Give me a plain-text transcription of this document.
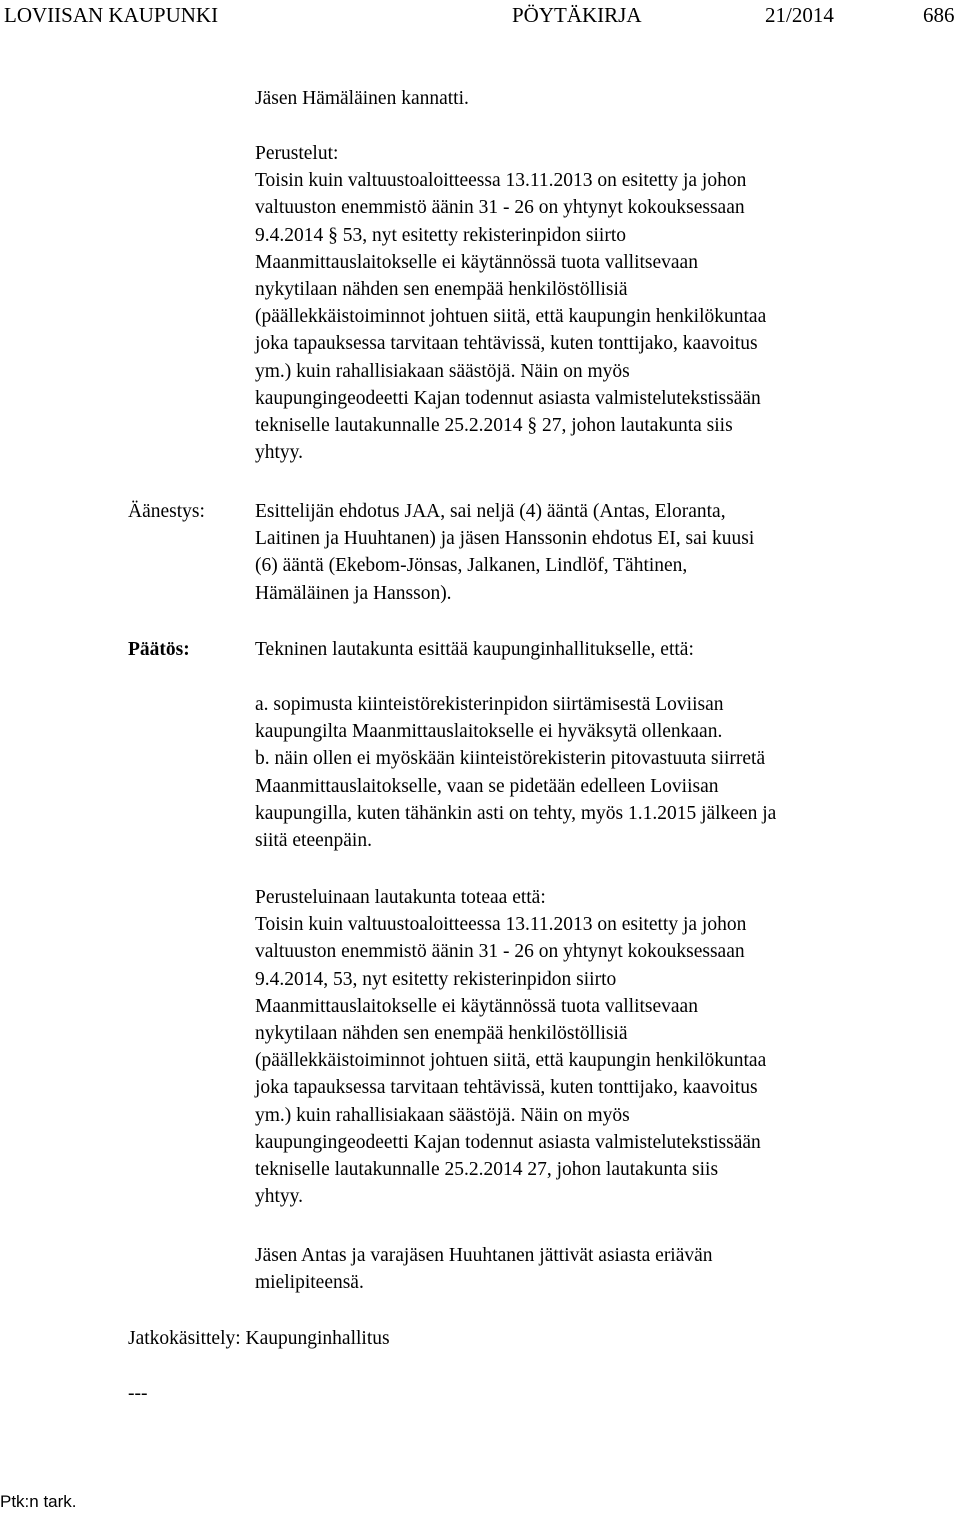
LOVIISAN KAUPUNKI	PÖYTÄKIRJA	21/2014	686
Jäsen Hämäläinen kannatti.
Perustelut:
Toisin kuin valtuustoaloitteessa 13.11.2013 on esitetty ja johon
valtuuston enemmistö äänin 31 - 26 on yhtynyt kokouksessaan
9.4.2014 § 53, nyt esitetty rekisterinpidon siirto
Maanmittauslaitokselle ei käytännössä tuota vallitsevaan
nykytilaan nähden sen enempää henkilöstöllisiä
(päällekkäistoiminnot johtuen siitä, että kaupungin henkilökuntaa
joka tapauksessa tarvitaan tehtävissä, kuten tonttijako, kaavoitus
ym.) kuin rahallisiakaan säästöjä. Näin on myös
kaupungingeodeetti Kajan todennut asiasta valmistelutekstissään
tekniselle lautakunnalle 25.2.2014 § 27, johon lautakunta siis
yhtyy.
Äänestys:	Esittelijän ehdotus JAA, sai neljä (4) ääntä (Antas, Eloranta,
Laitinen ja Huuhtanen) ja jäsen Hanssonin ehdotus EI, sai kuusi
(6) ääntä (Ekebom-Jönsas, Jalkanen, Lindlöf, Tähtinen,
Hämäläinen ja Hansson).
Päätös:	Tekninen lautakunta esittää kaupunginhallitukselle, että:
a. sopimusta kiinteistörekisterinpidon siirtämisestä Loviisan
kaupungilta Maanmittauslaitokselle ei hyväksytä ollenkaan.
b. näin ollen ei myöskään kiinteistörekisterin pitovastuuta siirretä
Maanmittauslaitokselle, vaan se pidetään edelleen Loviisan
kaupungilla, kuten tähänkin asti on tehty, myös 1.1.2015 jälkeen ja
siitä eteenpäin.
Perusteluinaan lautakunta toteaa että:
Toisin kuin valtuustoaloitteessa 13.11.2013 on esitetty ja johon
valtuuston enemmistö äänin 31 - 26 on yhtynyt kokouksessaan
9.4.2014, 53, nyt esitetty rekisterinpidon siirto
Maanmittauslaitokselle ei käytännössä tuota vallitsevaan
nykytilaan nähden sen enempää henkilöstöllisiä
(päällekkäistoiminnot johtuen siitä, että kaupungin henkilökuntaa
joka tapauksessa tarvitaan tehtävissä, kuten tonttijako, kaavoitus
ym.) kuin rahallisiakaan säästöjä. Näin on myös
kaupungingeodeetti Kajan todennut asiasta valmistelutekstissään
tekniselle lautakunnalle 25.2.2014 27, johon lautakunta siis
yhtyy.
Jäsen Antas ja varajäsen Huuhtanen jättivät asiasta eriävän
mielipiteensä.
Jatkokäsittely: Kaupunginhallitus
---
Ptk:n tark.
